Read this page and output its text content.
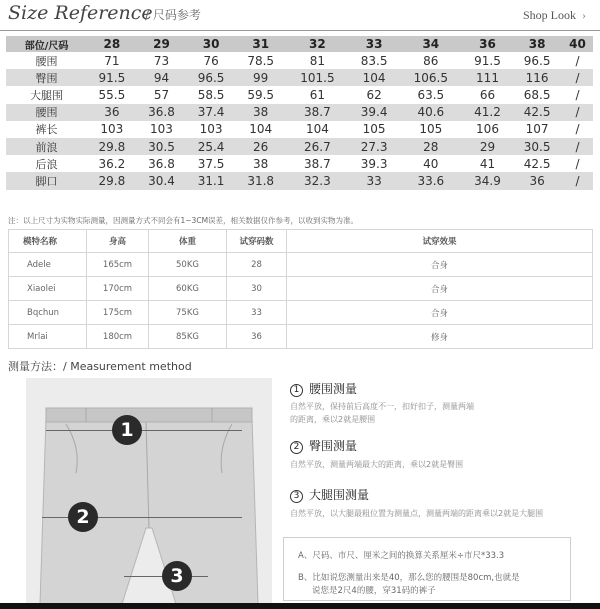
Size Reference
/ 尺码参考	Shop Look ›
部位/尺码	28	29	30	31	32	33	34	36	38	40
腰围	71	73	76	78.5	81	83.5	86	91.5	96.5	/
臀围	91.5	94	96.5	99	101.5	104	106.5	111	116	/
大腿围	55.5	57	58.5	59.5	61	62	63.5	66	68.5	/
腰围	36	36.8	37.4	38	38.7	39.4	40.6	41.2	42.5	/
裤长	103	103	103	104	104	105	105	106	107	/
前浪	29.8	30.5	25.4	26	26.7	27.3	28	29	30.5	/
后浪	36.2	36.8	37.5	38	38.7	39.3	40	41	42.5	/
脚口	29.8	30.4	31.1	31.8	32.3	33	33.6	34.9	36	/
注：以上尺寸为实物实际测量，因测量方式不同会有1~3CM误差，相关数据仅作参考，以收到实物为准。
模特名称	身高	体重	试穿码数	试穿效果
Adele	165cm	50KG	28	合身
Xiaolei	170cm	60KG	30	合身
Bqchun	175cm	75KG	33	合身
Mrlai	180cm	85KG	36	修身
测量方法：/ Measurement method
1
2
3
1 腰围测量
自然平放，保持前后高度不一，扣好扣子，测量两端
的距离，乘以2就是腰围
2 臀围测量
自然平放，测量两端最大的距离，乘以2就是臀围
3 大腿围测量
自然平放，以大腿最粗位置为测量点，测量两端的距离乘以2就是大腿围

A、尺码、市尺、厘米之间的换算关系厘米÷市尺*33.3

B、比如说您测量出来是40，那么您的腰围是80cm,也就是

说您是2尺4的腰，穿31码的裤子
